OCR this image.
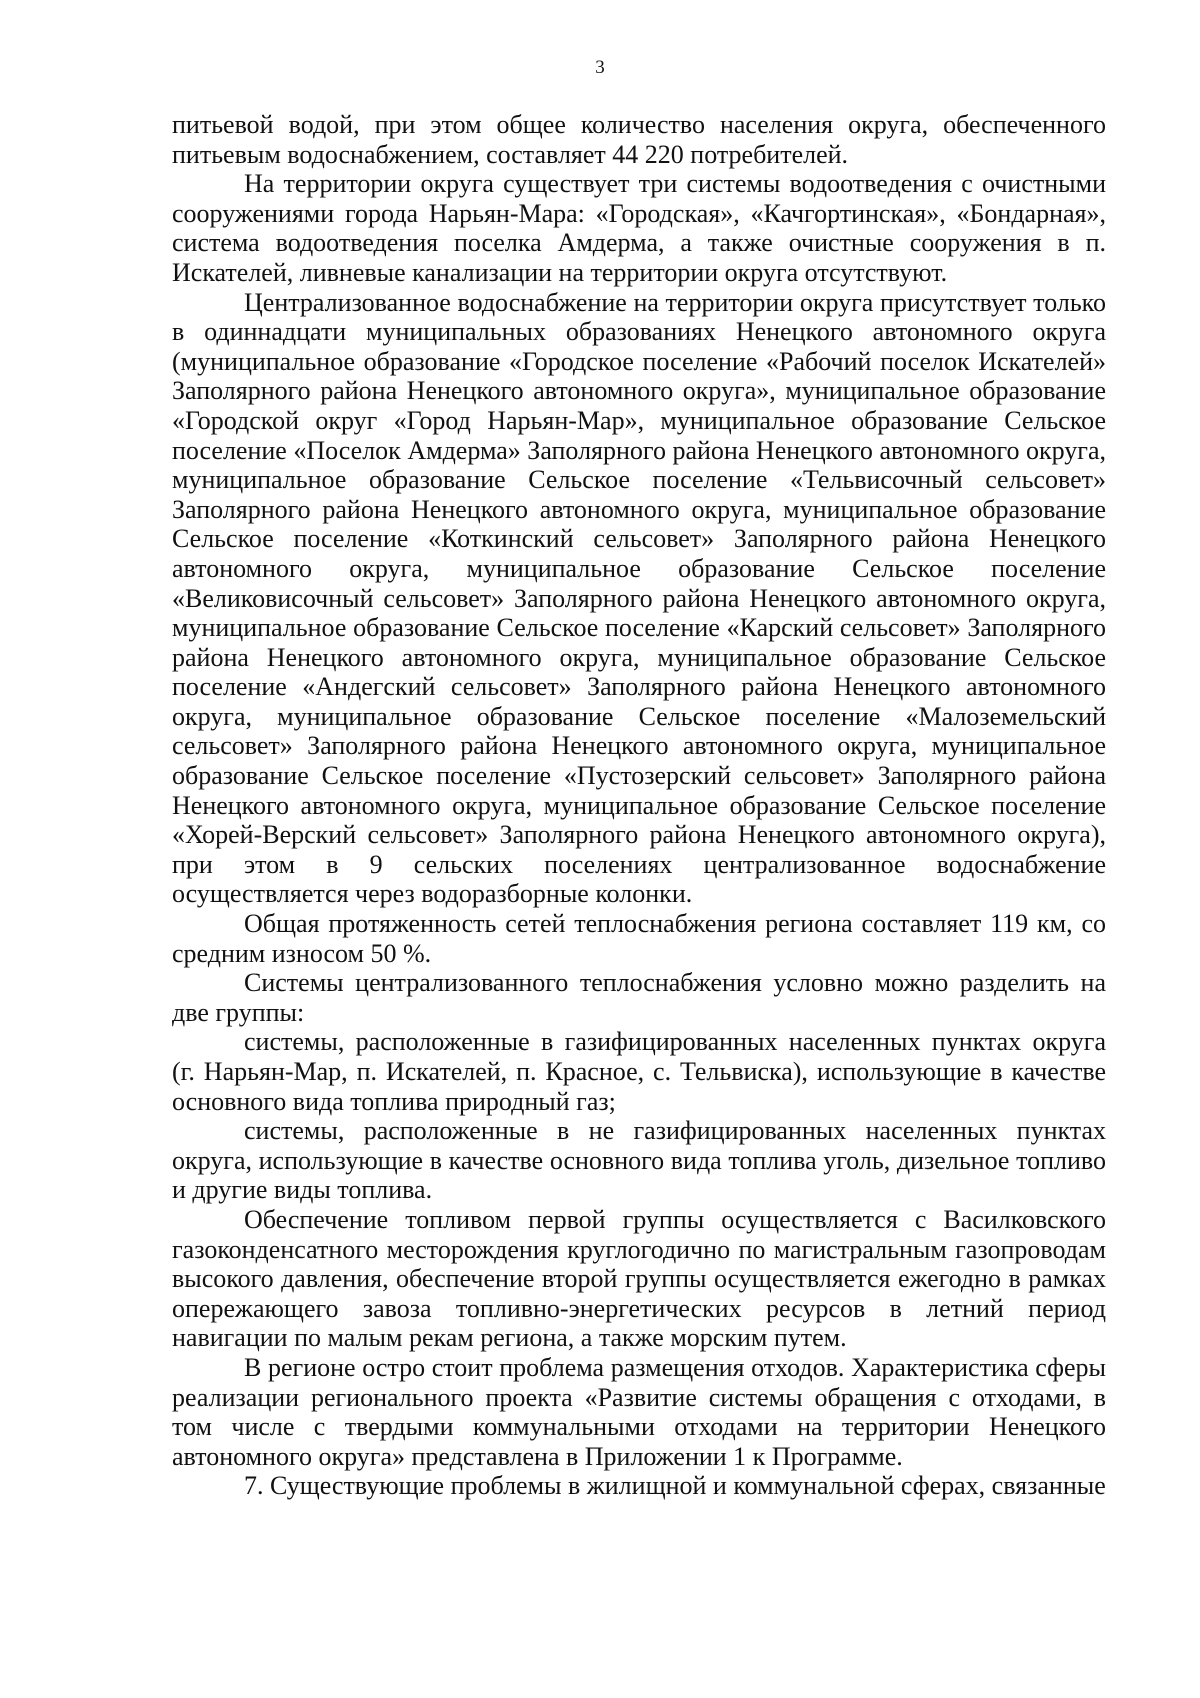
3

питьевой водой, при этом общее количество населения округа, обеспеченного питьевым водоснабжением, составляет 44 220 потребителей.

На территории округа существует три системы водоотведения с очистными сооружениями города Нарьян-Мара: «Городская», «Качгортинская», «Бондарная», система водоотведения поселка Амдерма, а также очистные сооружения в п. Искателей, ливневые канализации на территории округа отсутствуют.

Централизованное водоснабжение на территории округа присутствует только в одиннадцати муниципальных образованиях Ненецкого автономного округа (муниципальное образование «Городское поселение «Рабочий поселок Искателей» Заполярного района Ненецкого автономного округа», муниципальное образование «Городской округ «Город Нарьян-Мар», муниципальное образование Сельское поселение «Поселок Амдерма» Заполярного района Ненецкого автономного округа, муниципальное образование Сельское поселение «Тельвисочный сельсовет» Заполярного района Ненецкого автономного округа, муниципальное образование Сельское поселение «Коткинский сельсовет» Заполярного района Ненецкого автономного округа, муниципальное образование Сельское поселение «Великовисочный сельсовет» Заполярного района Ненецкого автономного округа, муниципальное образование Сельское поселение «Карский сельсовет» Заполярного района Ненецкого автономного округа, муниципальное образование Сельское поселение «Андегский сельсовет» Заполярного района Ненецкого автономного округа, муниципальное образование Сельское поселение «Малоземельский сельсовет» Заполярного района Ненецкого автономного округа, муниципальное образование Сельское поселение «Пустозерский сельсовет» Заполярного района Ненецкого автономного округа, муниципальное образование Сельское поселение «Хорей-Верский сельсовет» Заполярного района Ненецкого автономного округа), при этом в 9 сельских поселениях централизованное водоснабжение осуществляется через водоразборные колонки.

Общая протяженность сетей теплоснабжения региона составляет 119 км, со средним износом 50 %.

Системы централизованного теплоснабжения условно можно разделить на две группы:

системы, расположенные в газифицированных населенных пунктах округа (г. Нарьян-Мар, п. Искателей, п. Красное, с. Тельвиска), использующие в качестве основного вида топлива природный газ;

системы, расположенные в не газифицированных населенных пунктах округа, использующие в качестве основного вида топлива уголь, дизельное топливо и другие виды топлива.

Обеспечение топливом первой группы осуществляется с Василковского газоконденсатного месторождения круглогодично по магистральным газопроводам высокого давления, обеспечение второй группы осуществляется ежегодно в рамках опережающего завоза топливно-энергетических ресурсов в летний период навигации по малым рекам региона, а также морским путем.

В регионе остро стоит проблема размещения отходов. Характеристика сферы реализации регионального проекта «Развитие системы обращения с отходами, в том числе с твердыми коммунальными отходами на территории Ненецкого автономного округа» представлена в Приложении 1 к Программе.

7. Существующие проблемы в жилищной и коммунальной сферах, связанные
